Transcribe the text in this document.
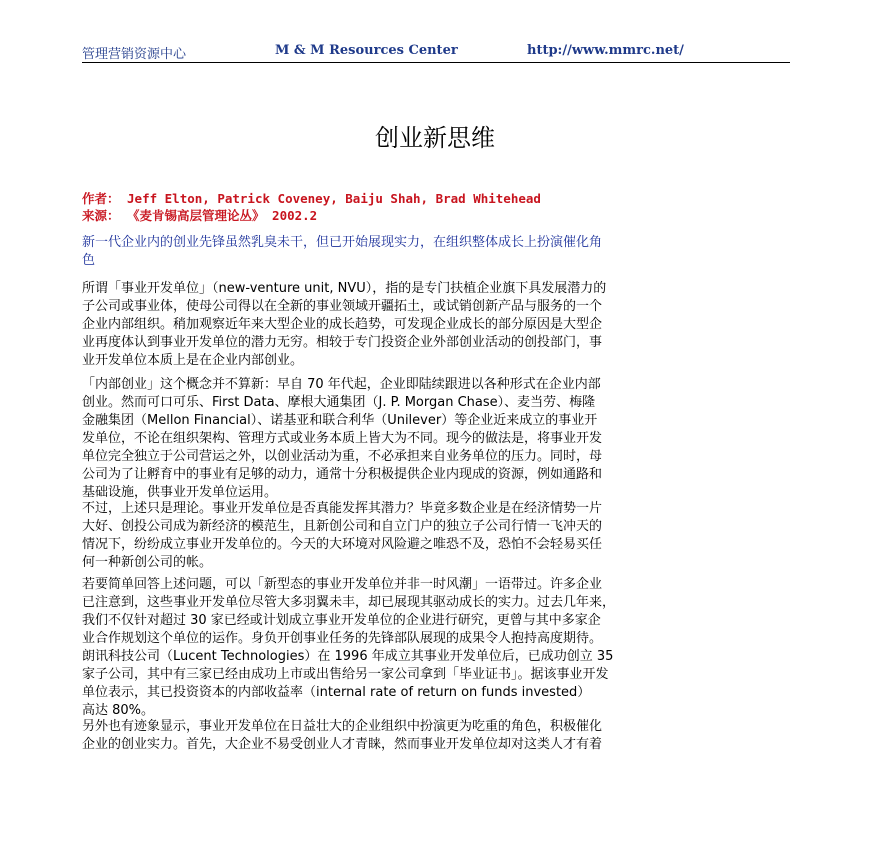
管理营销资源中心	M & M Resources Center	http://www.mmrc.net/
创业新思维
作者： Jeff Elton, Patrick Coveney, Baiju Shah, Brad Whitehead
来源： 《麦肯锡高层管理论丛》 2002.2
新一代企业内的创业先锋虽然乳臭未干，但已开始展现实力，在组织整体成长上扮演催化角
色
所谓「事业开发单位」（new-venture unit, NVU），指的是专门扶植企业旗下具发展潜力的
子公司或事业体，使母公司得以在全新的事业领域开疆拓土，或试销创新产品与服务的一个
企业内部组织。稍加观察近年来大型企业的成长趋势，可发现企业成长的部分原因是大型企
业再度体认到事业开发单位的潜力无穷。相较于专门投资企业外部创业活动的创投部门，事
业开发单位本质上是在企业内部创业。
「内部创业」这个概念并不算新：早自 70 年代起，企业即陆续跟进以各种形式在企业内部
创业。然而可口可乐、First Data、摩根大通集团（J. P. Morgan Chase）、麦当劳、梅隆
金融集团（Mellon Financial）、诺基亚和联合利华（Unilever）等企业近来成立的事业开
发单位，不论在组织架构、管理方式或业务本质上皆大为不同。现今的做法是，将事业开发
单位完全独立于公司营运之外，以创业活动为重，不必承担来自业务单位的压力。同时，母
公司为了让孵育中的事业有足够的动力，通常十分积极提供企业内现成的资源，例如通路和
基础设施，供事业开发单位运用。
不过，上述只是理论。事业开发单位是否真能发挥其潜力？毕竟多数企业是在经济情势一片
大好、创投公司成为新经济的模范生，且新创公司和自立门户的独立子公司行情一飞冲天的
情况下，纷纷成立事业开发单位的。今天的大环境对风险避之唯恐不及，恐怕不会轻易买任
何一种新创公司的帐。
若要简单回答上述问题，可以「新型态的事业开发单位并非一时风潮」一语带过。许多企业
已注意到，这些事业开发单位尽管大多羽翼未丰，却已展现其驱动成长的实力。过去几年来，
我们不仅针对超过 30 家已经或计划成立事业开发单位的企业进行研究，更曾与其中多家企
业合作规划这个单位的运作。身负开创事业任务的先锋部队展现的成果令人抱持高度期待。
朗讯科技公司（Lucent Technologies）在 1996 年成立其事业开发单位后，已成功创立 35
家子公司，其中有三家已经由成功上市或出售给另一家公司拿到「毕业证书」。据该事业开发
单位表示，其已投资资本的内部收益率（internal rate of return on funds invested）
高达 80%。
另外也有迹象显示，事业开发单位在日益壮大的企业组织中扮演更为吃重的角色，积极催化
企业的创业实力。首先，大企业不易受创业人才青睐，然而事业开发单位却对这类人才有着
